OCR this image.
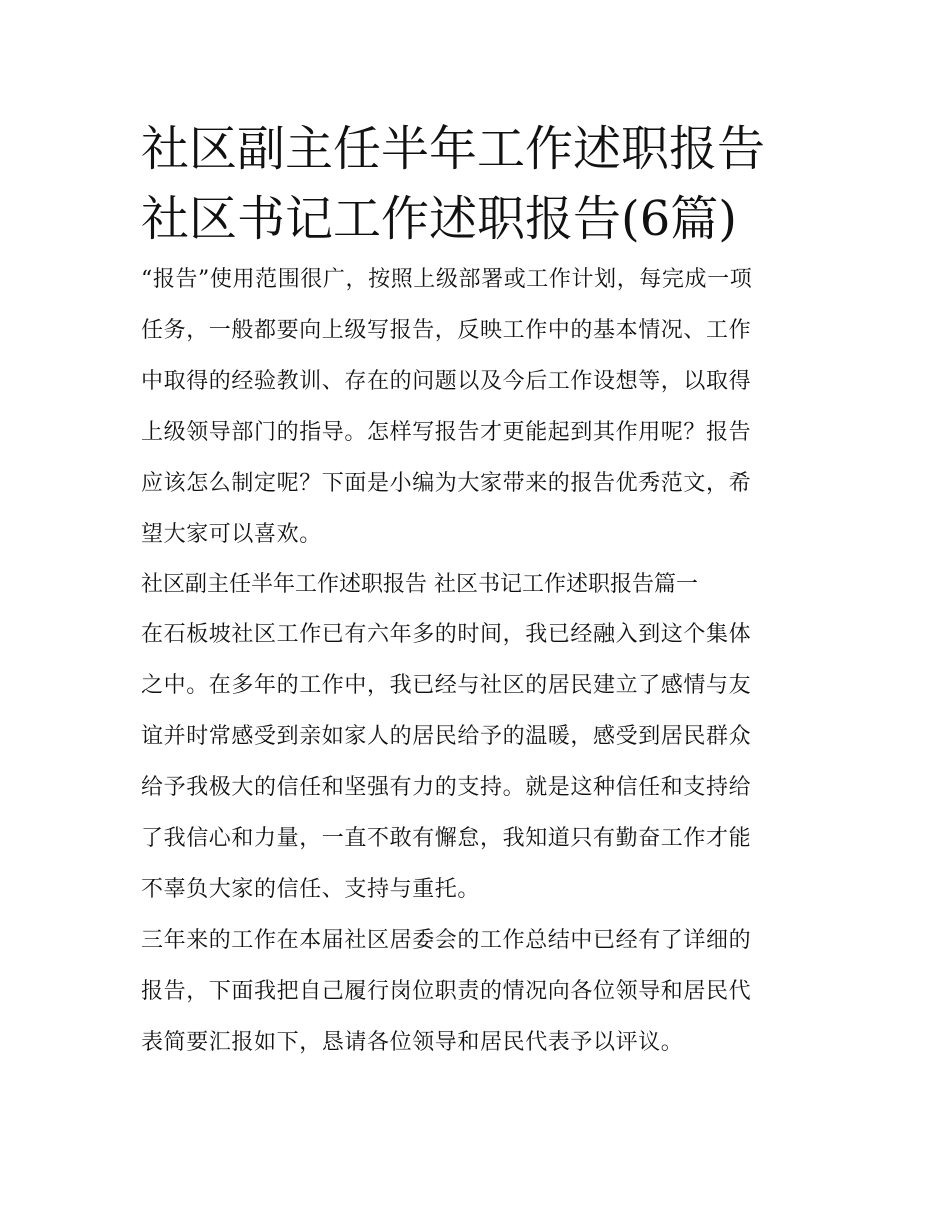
社区副主任半年工作述职报告
社区书记工作述职报告(6篇)

“报告”使用范围很广，按照上级部署或工作计划，每完成一项
任务，一般都要向上级写报告，反映工作中的基本情况、工作
中取得的经验教训、存在的问题以及今后工作设想等，以取得
上级领导部门的指导。怎样写报告才更能起到其作用呢？报告
应该怎么制定呢？下面是小编为大家带来的报告优秀范文，希
望大家可以喜欢。

社区副主任半年工作述职报告 社区书记工作述职报告篇一

在石板坡社区工作已有六年多的时间，我已经融入到这个集体
之中。在多年的工作中，我已经与社区的居民建立了感情与友
谊并时常感受到亲如家人的居民给予的温暖，感受到居民群众
给予我极大的信任和坚强有力的支持。就是这种信任和支持给
了我信心和力量，一直不敢有懈怠，我知道只有勤奋工作才能
不辜负大家的信任、支持与重托。

三年来的工作在本届社区居委会的工作总结中已经有了详细的
报告，下面我把自己履行岗位职责的情况向各位领导和居民代
表简要汇报如下，恳请各位领导和居民代表予以评议。
